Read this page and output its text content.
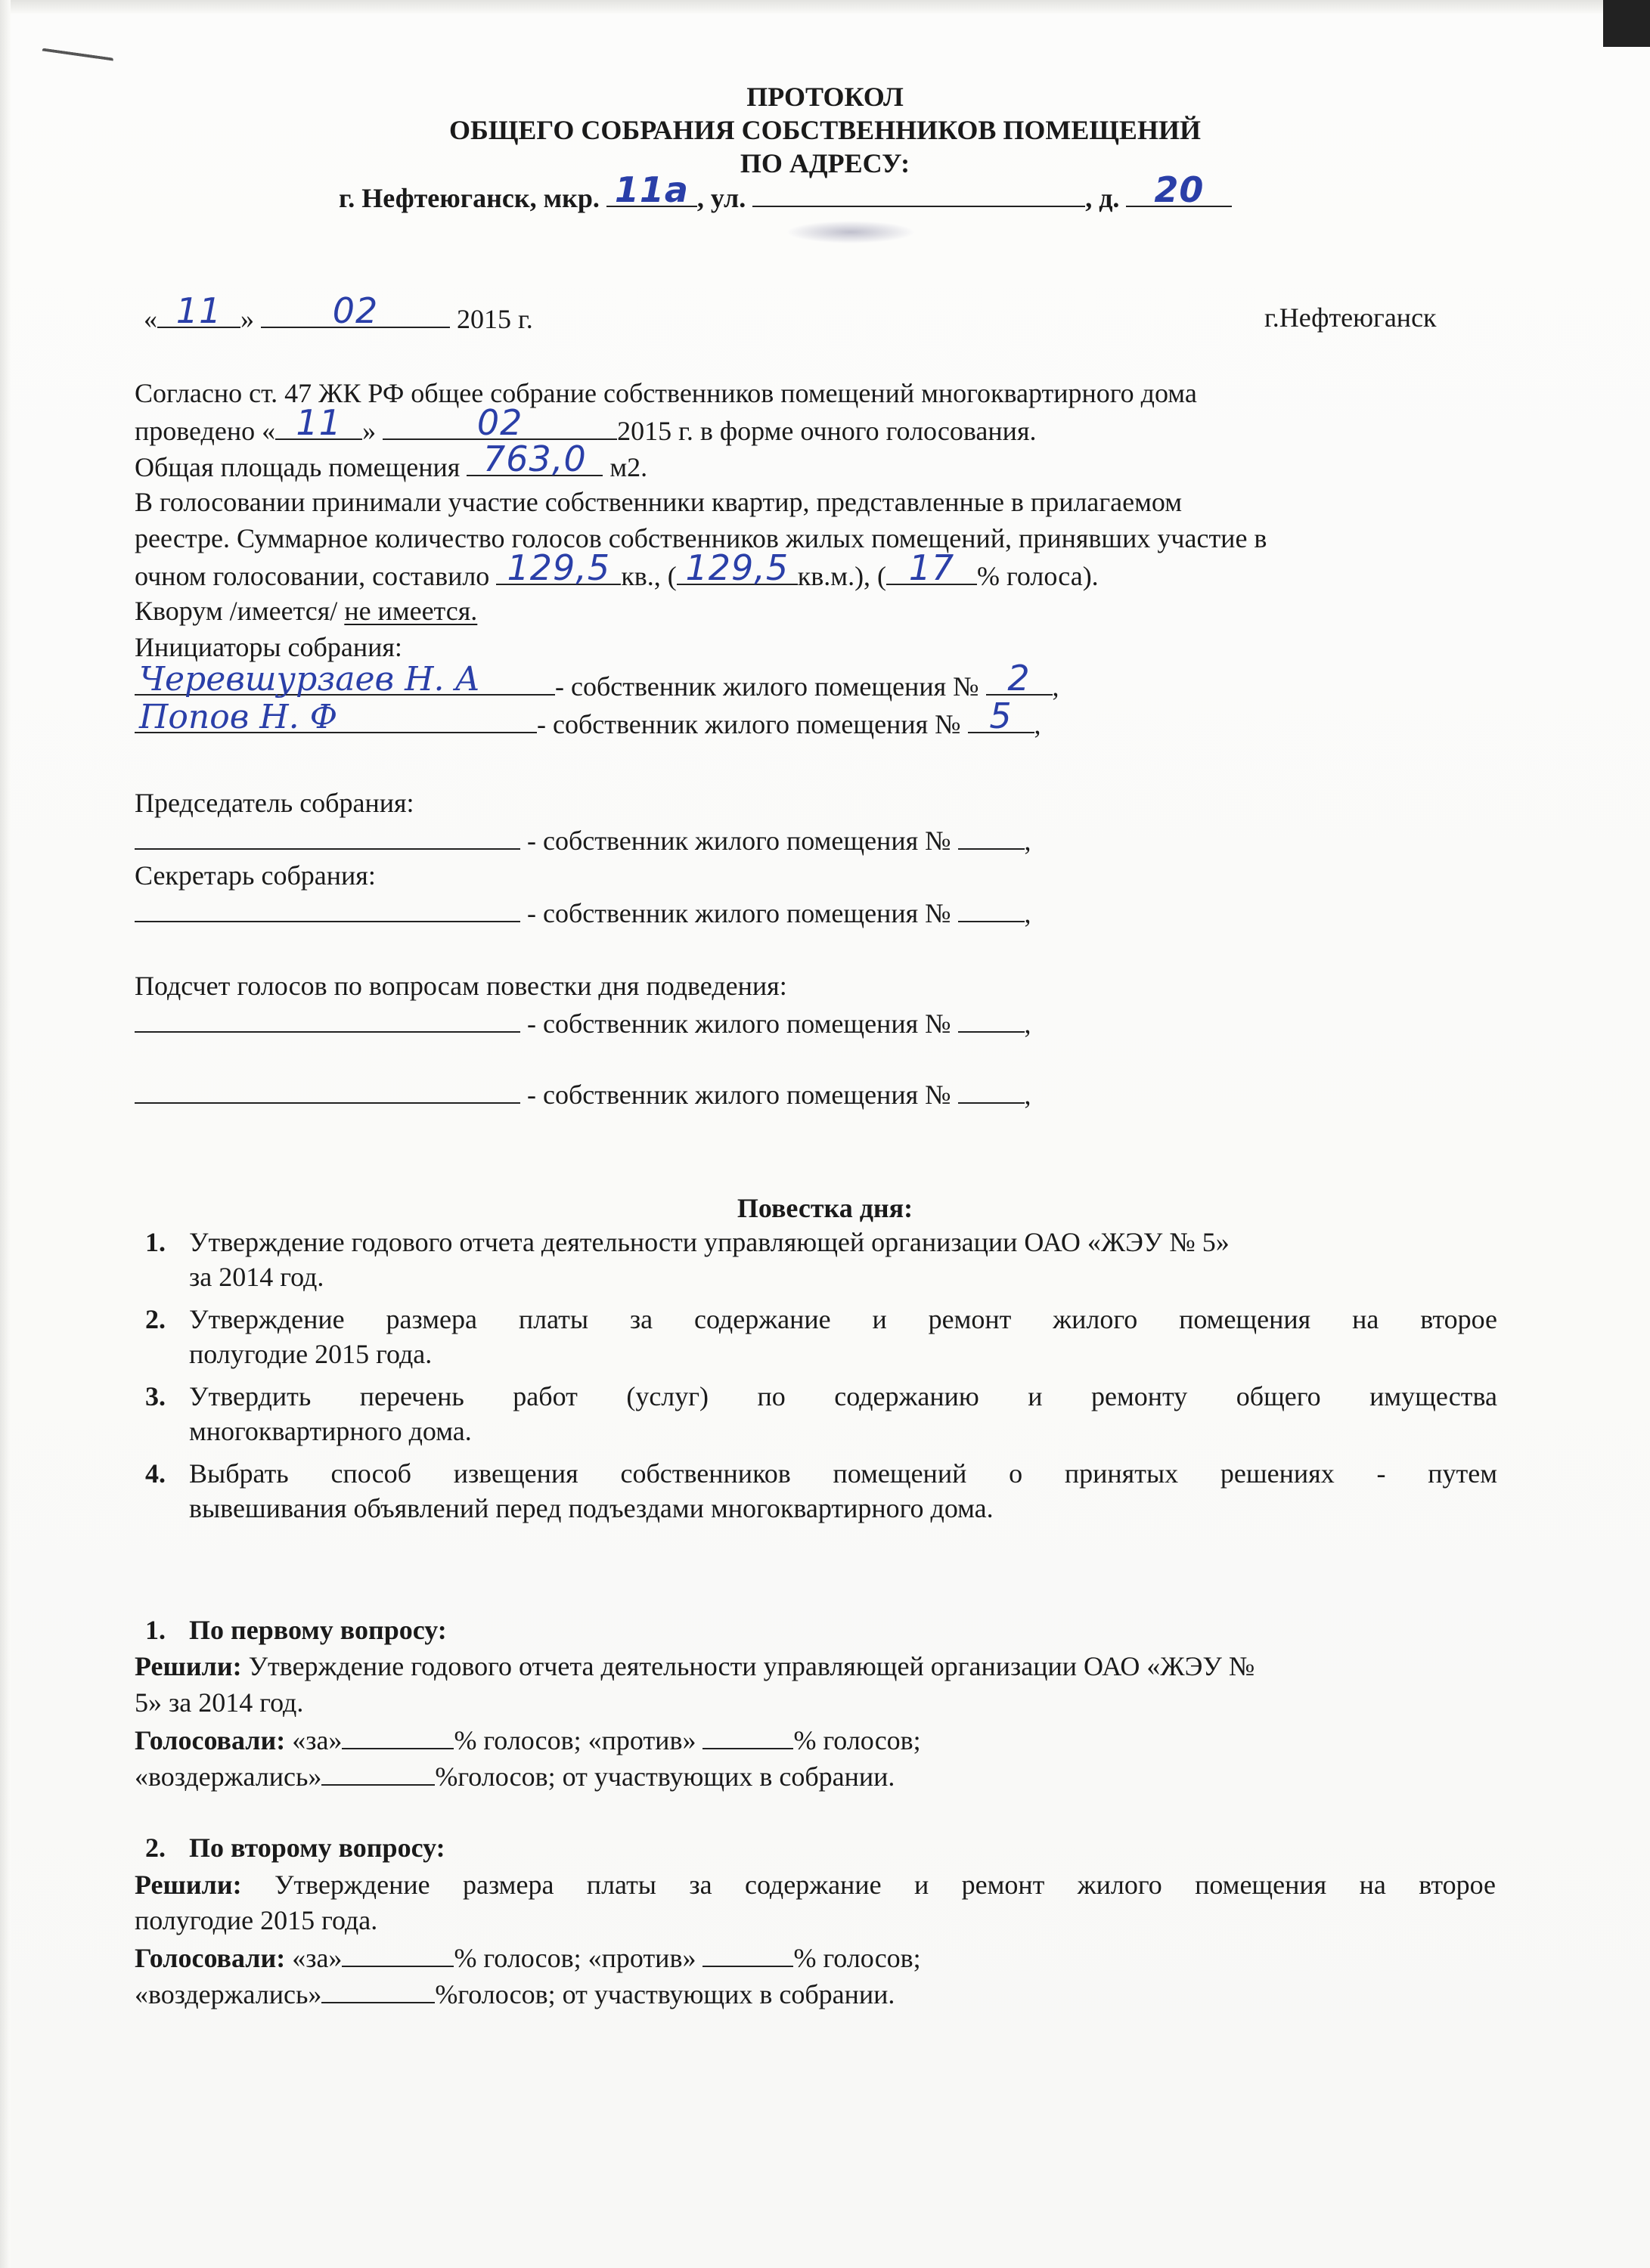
ПРОТОКОЛ
ОБЩЕГО СОБРАНИЯ СОБСТВЕННИКОВ ПОМЕЩЕНИЙ
ПО АДРЕСУ:
г. Нефтеюганск, мкр. 11а , ул.	, д. 20
« 11 »	02	2015 г.	г.Нефтеюганск
Согласно ст. 47 ЖК РФ общее собрание собственников помещений многоквартирного дома
проведено « 11 »	02	2015 г. в форме очного голосования.
Общая площадь помещения 763,0 м2.
В голосовании принимали участие собственники квартир, представленные в прилагаемом
реестре. Суммарное количество голосов собственников жилых помещений, принявших участие в
очном голосовании, составило 129,5 кв., ( 129,5 кв.м.), ( 17 % голоса).
Кворум /имеется/ не имеется.
Инициаторы собрания:
Черевшурзаев Н. А	- собственник жилого помещения № 2 ,
Попов Н. Ф	- собственник жилого помещения № 5 ,
Председатель собрания:
- собственник жилого помещения №	,
Секретарь собрания:
- собственник жилого помещения №	,
Подсчет голосов по вопросам повестки дня подведения:
- собственник жилого помещения №	,
- собственник жилого помещения №	,
Повестка дня:
1. Утверждение годового отчета деятельности управляющей организации ОАО «ЖЭУ № 5»
за 2014 год.
2. Утверждение размера платы за содержание и ремонт жилого помещения на второе
полугодие 2015 года.
3. Утвердить перечень работ (услуг) по содержанию и ремонту общего имущества
многоквартирного дома.
4. Выбрать способ извещения собственников помещений о принятых решениях - путем
вывешивания объявлений перед подъездами многоквартирного дома.
1. По первому вопросу:
Решили: Утверждение годового отчета деятельности управляющей организации ОАО «ЖЭУ №
5» за 2014 год.
Голосовали: «за»	% голосов; «против»	% голосов;
«воздержались»	%голосов; от участвующих в собрании.
2. По второму вопросу:
Решили: Утверждение размера платы за содержание и ремонт жилого помещения на второе
полугодие 2015 года.
Голосовали: «за»	% голосов; «против»	% голосов;
«воздержались»	%голосов; от участвующих в собрании.
